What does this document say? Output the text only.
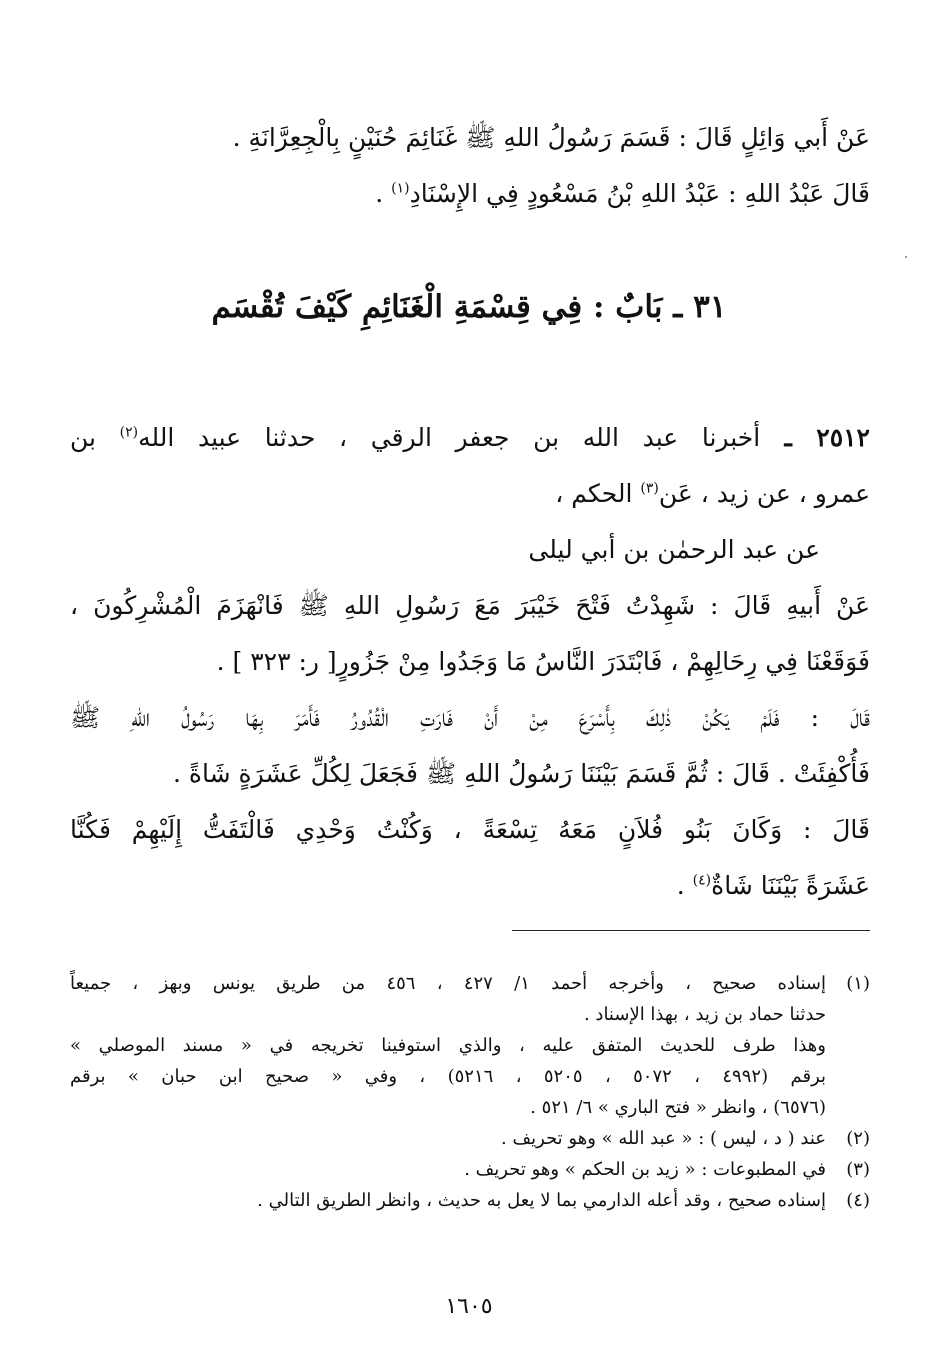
عَنْ أَبي وَائِلٍ قَالَ : قَسَمَ رَسُولُ اللهِ ﷺ غَنَائِمَ حُنَيْنٍ بِالْجِعِرَّانَةِ .
قَالَ عَبْدُ اللهِ : عَبْدُ اللهِ بْنُ مَسْعُودٍ فِي الإِسْنَادِ$^{(١)}$ .
٣١ ـ بَابٌ : فِي قِسْمَةِ الْغَنَائِمِ كَيْفَ تُقْسَم
٢٥١٢ ـ أخبرنا عبد الله بن جعفر الرقي ، حدثنا عبيد الله$^{(٢)}$ بن
عمرو ، عن زيد ، عَن$^{(٣)}$ الحكم ،
عن عبد الرحمٰن بن أبي ليلى
عَنْ أَبيهِ قَالَ : شَهِدْتُ فَتْحَ خَيْبَرَ مَعَ رَسُولِ اللهِ ﷺ فَانْهَزَمَ الْمُشْرِكُونَ ،
فَوَقَعْنَا فِي رِحَالِهِمْ ، فَابْتَدَرَ النَّاسُ مَا وَجَدُوا مِنْ جَزُورٍ[ ر: ٣٢٣ ] .
قَالَ : فَلَمْ يَكُنْ ذٰلِكَ بِأَسْرَعَ مِنْ أَنْ فَارَتِ الْقُدُورُ فَأَمَرَ بِهَا رَسُولُ اللهِ ﷺ
فَأُكْفِئَتْ . قَالَ : ثُمَّ قَسَمَ بَيْنَنَا رَسُولُ اللهِ ﷺ فَجَعَلَ لِكُلِّ عَشَرَةٍ شَاةً .
قَالَ : وَكَانَ بَنُو فُلاَنٍ مَعَهُ تِسْعَةً ، وَكُنْتُ وَحْدِي فَالْتَفَتُّ إِلَيْهِمْ فَكُنَّا
عَشَرَةً بَيْنَنَا شَاةٌ$^{(٤)}$ .
(١)
إسناده صحيح ، وأخرجه أحمد ١/ ٤٢٧ ، ٤٥٦ من طريق يونس وبهز ، جميعاً
حدثنا حماد بن زيد ، بهذا الإسناد .
وهذا طرف للحديث المتفق عليه ، والذي استوفينا تخريجه في « مسند الموصلي »
برقم (٤٩٩٢ ، ٥٠٧٢ ، ٥٢٠٥ ، ٥٢١٦) ، وفي « صحيح ابن حبان » برقم
(٦٥٧٦) ، وانظر « فتح الباري » ٦/ ٥٢١ .
(٢)
عند ( د ، ليس ) : « عبد الله » وهو تحريف .
(٣)
في المطبوعات : « زيد بن الحكم » وهو تحريف .
(٤)
إسناده صحيح ، وقد أعله الدارمي بما لا يعل به حديث ، وانظر الطريق التالي .
١٦٠٥
